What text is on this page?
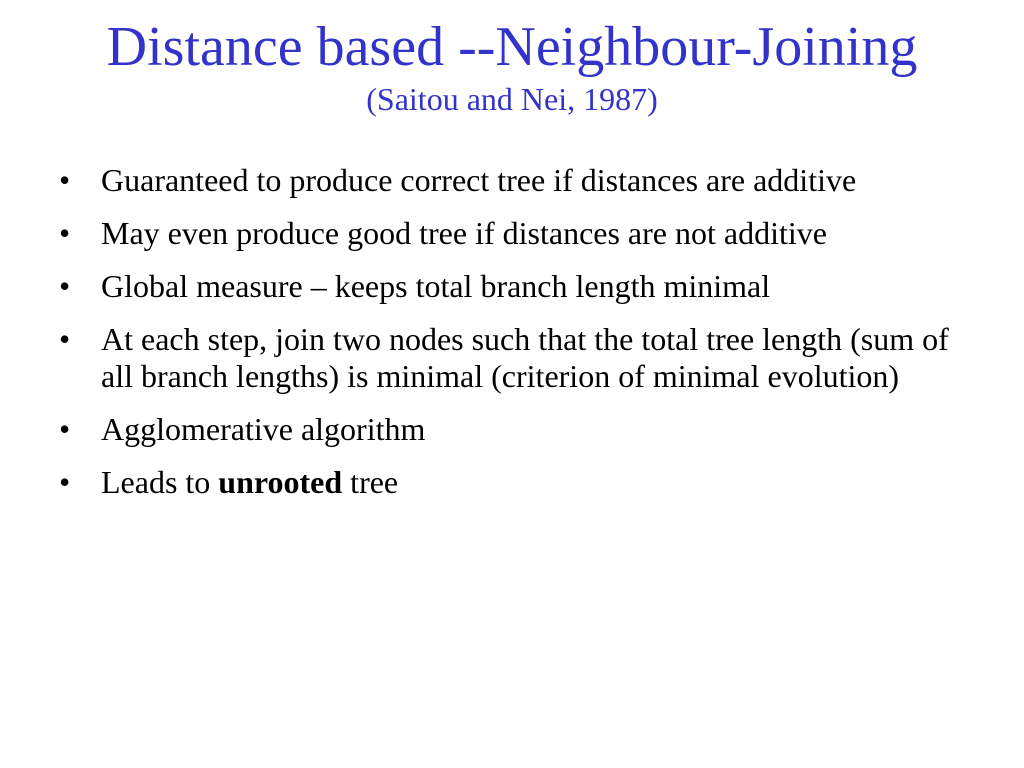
Distance based --Neighbour-Joining
(Saitou and Nei, 1987)
•
Guaranteed to produce correct tree if distances are additive
•
May even produce good tree if distances are not additive
•
Global measure – keeps total branch length minimal
•
At each step, join two nodes such that the total tree length (sum of all branch lengths) is minimal (criterion of minimal evolution)
•
Agglomerative algorithm
•
Leads to unrooted tree
